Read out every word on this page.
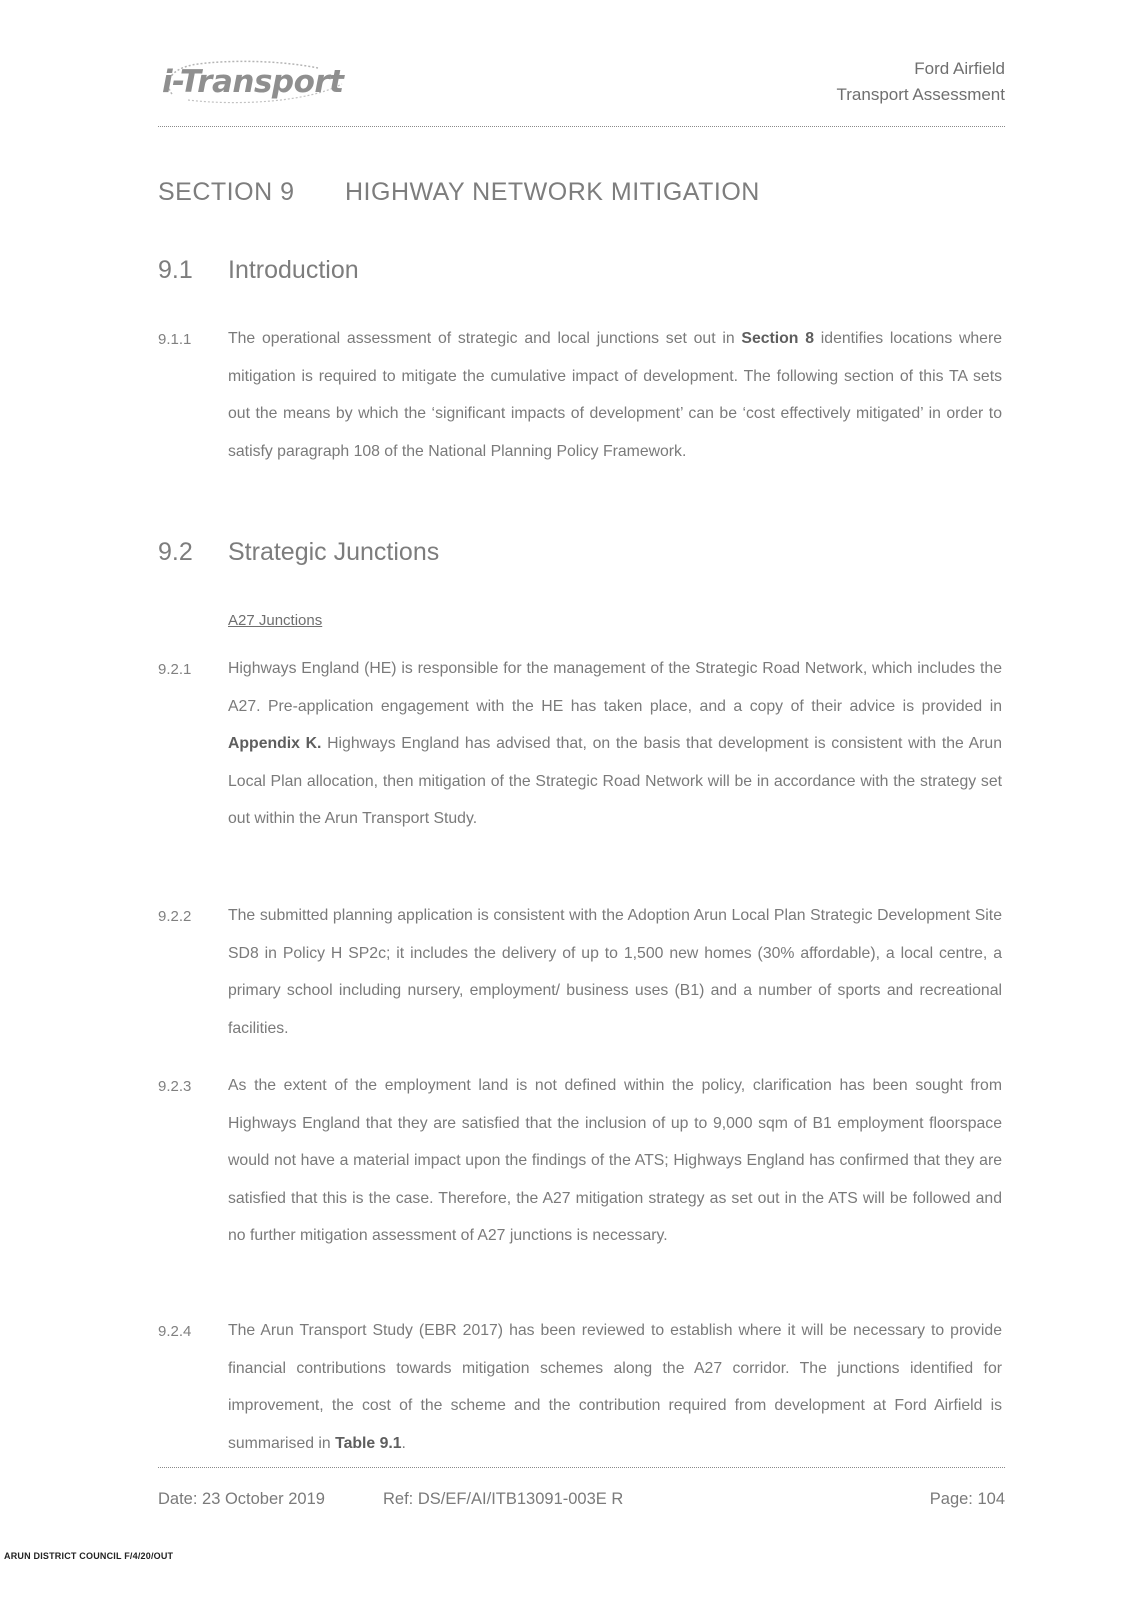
i-Transport	Ford Airfield
Transport Assessment
SECTION 9 HIGHWAY NETWORK MITIGATION
9.1 Introduction
9.1.1 The operational assessment of strategic and local junctions set out in Section 8 identifies locations where mitigation is required to mitigate the cumulative impact of development. The following section of this TA sets out the means by which the ‘significant impacts of development’ can be ‘cost effectively mitigated’ in order to satisfy paragraph 108 of the National Planning Policy Framework.
9.2 Strategic Junctions
A27 Junctions
9.2.1 Highways England (HE) is responsible for the management of the Strategic Road Network, which includes the A27. Pre-application engagement with the HE has taken place, and a copy of their advice is provided in Appendix K. Highways England has advised that, on the basis that development is consistent with the Arun Local Plan allocation, then mitigation of the Strategic Road Network will be in accordance with the strategy set out within the Arun Transport Study.
9.2.2 The submitted planning application is consistent with the Adoption Arun Local Plan Strategic Development Site SD8 in Policy H SP2c; it includes the delivery of up to 1,500 new homes (30% affordable), a local centre, a primary school including nursery, employment/ business uses (B1) and a number of sports and recreational facilities.
9.2.3 As the extent of the employment land is not defined within the policy, clarification has been sought from Highways England that they are satisfied that the inclusion of up to 9,000 sqm of B1 employment floorspace would not have a material impact upon the findings of the ATS; Highways England has confirmed that they are satisfied that this is the case. Therefore, the A27 mitigation strategy as set out in the ATS will be followed and no further mitigation assessment of A27 junctions is necessary.
9.2.4 The Arun Transport Study (EBR 2017) has been reviewed to establish where it will be necessary to provide financial contributions towards mitigation schemes along the A27 corridor. The junctions identified for improvement, the cost of the scheme and the contribution required from development at Ford Airfield is summarised in Table 9.1.
Date: 23 October 2019	Ref: DS/EF/AI/ITB13091-003E R	Page: 104
ARUN DISTRICT COUNCIL F/4/20/OUT
